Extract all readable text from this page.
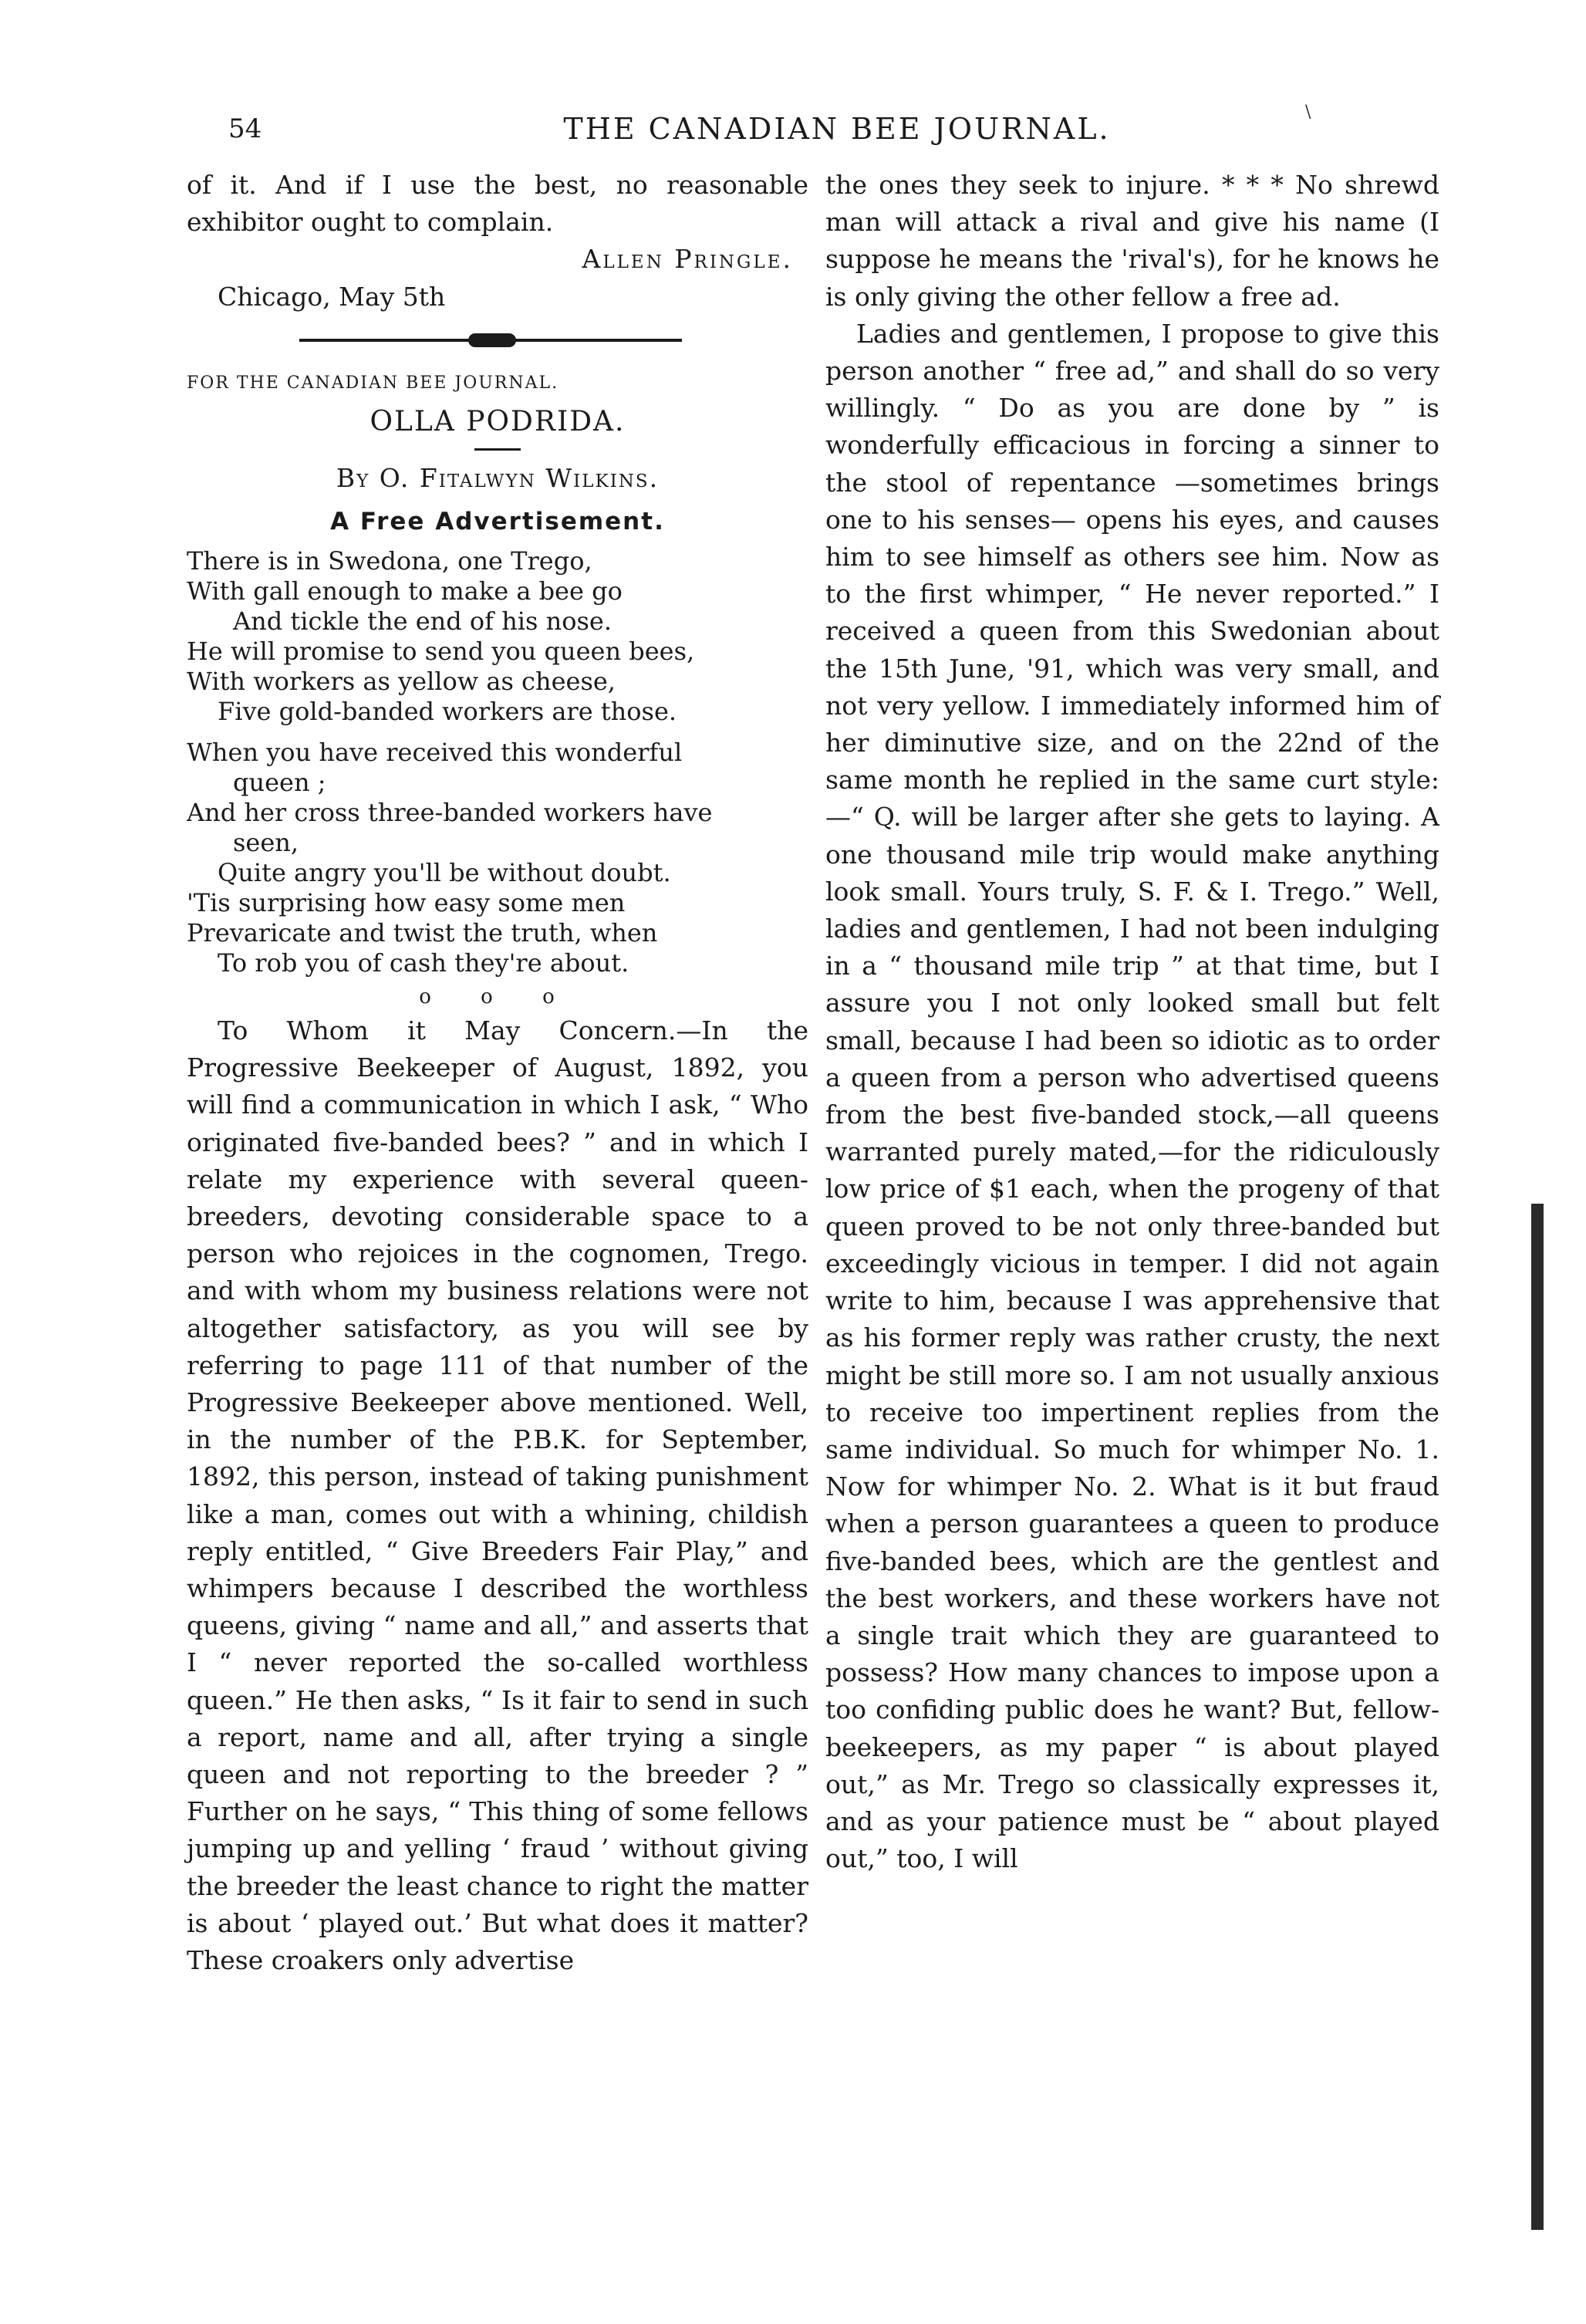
\
54	THE CANADIAN BEE JOURNAL.

of it. And if I use the best, no reasonable exhibitor ought to complain.

Allen Pringle.

Chicago, May 5th

FOR THE CANADIAN BEE JOURNAL.

OLLA PODRIDA.

By O. Fitalwyn Wilkins.

A Free Advertisement.

There is in Swedona, one Trego,
With gall enough to make a bee go
And tickle the end of his nose.
He will promise to send you queen bees,
With workers as yellow as cheese,
Five gold-banded workers are those.
When you have received this wonderful
queen ;
And her cross three-banded workers have
seen,
Quite angry you'll be without doubt.
'Tis surprising how easy some men
Prevaricate and twist the truth, when
To rob you of cash they're about.

o o o

To Whom it May Concern.—In the Progressive Beekeeper of August, 1892, you will find a communication in which I ask, “ Who originated five-banded bees? ” and in which I relate my experience with several queen-breeders, devoting considerable space to a person who rejoices in the cognomen, Trego. and with whom my business relations were not altogether satisfactory, as you will see by referring to page 111 of that number of the Progressive Beekeeper above mentioned. Well, in the number of the P.B.K. for September, 1892, this person, instead of taking punishment like a man, comes out with a whining, childish reply entitled, “ Give Breeders Fair Play,” and whimpers because I described the worthless queens, giving “ name and all,” and asserts that I “ never reported the so-called worthless queen.” He then asks, “ Is it fair to send in such a report, name and all, after trying a single queen and not reporting to the breeder ? ” Further on he says, “ This thing of some fellows jumping up and yelling ‘ fraud ’ without giving the breeder the least chance to right the matter is about ‘ played out.’ But what does it matter? These croakers only advertise

the ones they seek to injure. * * * No shrewd man will attack a rival and give his name (I suppose he means the 'rival's), for he knows he is only giving the other fellow a free ad.

Ladies and gentlemen, I propose to give this person another “ free ad,” and shall do so very willingly. “ Do as you are done by ” is wonderfully efficacious in forcing a sinner to the stool of repentance —sometimes brings one to his senses— opens his eyes, and causes him to see himself as others see him. Now as to the first whimper, “ He never reported.” I received a queen from this Swedonian about the 15th June, '91, which was very small, and not very yellow. I immediately informed him of her diminutive size, and on the 22nd of the same month he replied in the same curt style:—“ Q. will be larger after she gets to laying. A one thousand mile trip would make anything look small. Yours truly, S. F. & I. Trego.” Well, ladies and gentlemen, I had not been indulging in a “ thousand mile trip ” at that time, but I assure you I not only looked small but felt small, because I had been so idiotic as to order a queen from a person who advertised queens from the best five-banded stock,—all queens warranted purely mated,—for the ridiculously low price of $1 each, when the progeny of that queen proved to be not only three-banded but exceedingly vicious in temper. I did not again write to him, because I was apprehensive that as his former reply was rather crusty, the next might be still more so. I am not usually anxious to receive too impertinent replies from the same individual. So much for whimper No. 1. Now for whimper No. 2. What is it but fraud when a person guarantees a queen to produce five-banded bees, which are the gentlest and the best workers, and these workers have not a single trait which they are guaranteed to possess? How many chances to impose upon a too confiding public does he want? But, fellow-beekeepers, as my paper “ is about played out,” as Mr. Trego so classically expresses it, and as your patience must be “ about played out,” too, I will
